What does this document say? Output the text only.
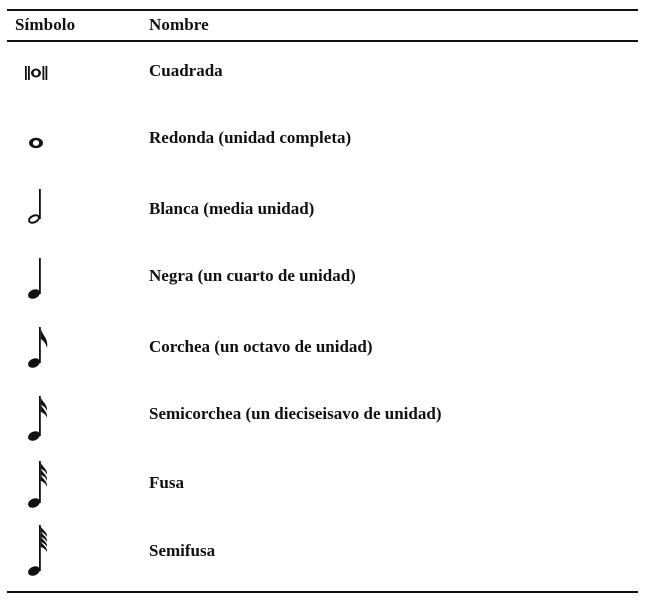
Símbolo	Nombre
Cuadrada
Redonda (unidad completa)
Blanca (media unidad)
Negra (un cuarto de unidad)
Corchea (un octavo de unidad)
Semicorchea (un dieciseisavo de unidad)
Fusa
Semifusa
